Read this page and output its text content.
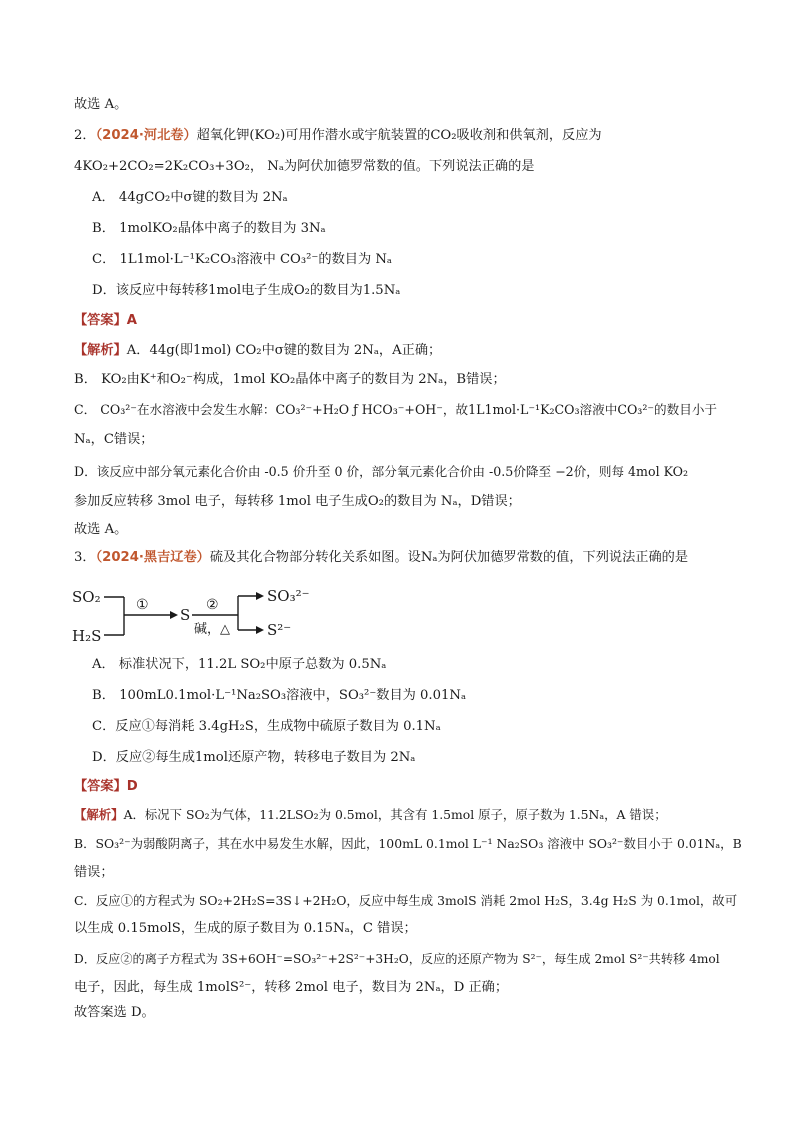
故选 A。
2．（2024·河北卷）超氧化钾(KO₂)可用作潜水或宇航装置的CO₂吸收剂和供氧剂，反应为
4KO₂+2CO₂=2K₂CO₃+3O₂， Nₐ为阿伏加德罗常数的值。下列说法正确的是
A． 44gCO₂中σ键的数目为 2Nₐ
B． 1molKO₂晶体中离子的数目为 3Nₐ
C． 1L1mol·L⁻¹K₂CO₃溶液中 CO₃²⁻的数目为 Nₐ
D．该反应中每转移1mol电子生成O₂的数目为1.5Nₐ
【答案】A
【解析】A．44g(即1mol) CO₂中σ键的数目为 2Nₐ，A正确；
B． KO₂由K⁺和O₂⁻构成，1mol KO₂晶体中离子的数目为 2Nₐ，B错误；
C． CO₃²⁻在水溶液中会发生水解：CO₃²⁻+H₂O ƒ HCO₃⁻+OH⁻，故1L1mol·L⁻¹K₂CO₃溶液中CO₃²⁻的数目小于
Nₐ，C错误；
D．该反应中部分氧元素化合价由 -0.5 价升至 0 价，部分氧元素化合价由 -0.5价降至 −2价，则每 4mol KO₂
参加反应转移 3mol 电子，每转移 1mol 电子生成O₂的数目为 Nₐ，D错误；
故选 A。
3．（2024·黑吉辽卷）硫及其化合物部分转化关系如图。设Nₐ为阿伏加德罗常数的值，下列说法正确的是
SO₂
H₂S
①
S
②
碱，△
SO₃²⁻
S²⁻
A． 标准状况下，11.2L SO₂中原子总数为 0.5Nₐ
B． 100mL0.1mol·L⁻¹Na₂SO₃溶液中，SO₃²⁻数目为 0.01Nₐ
C．反应①每消耗 3.4gH₂S，生成物中硫原子数目为 0.1Nₐ
D．反应②每生成1mol还原产物，转移电子数目为 2Nₐ
【答案】D
【解析】A．标况下 SO₂为气体，11.2LSO₂为 0.5mol，其含有 1.5mol 原子，原子数为 1.5Nₐ，A 错误；
B．SO₃²⁻为弱酸阴离子，其在水中易发生水解，因此，100mL 0.1mol L⁻¹ Na₂SO₃ 溶液中 SO₃²⁻数目小于 0.01Nₐ，B
错误；
C．反应①的方程式为 SO₂+2H₂S=3S↓+2H₂O，反应中每生成 3molS 消耗 2mol H₂S，3.4g H₂S 为 0.1mol，故可
以生成 0.15molS，生成的原子数目为 0.15Nₐ，C 错误；
D．反应②的离子方程式为 3S+6OH⁻=SO₃²⁻+2S²⁻+3H₂O，反应的还原产物为 S²⁻，每生成 2mol S²⁻共转移 4mol
电子，因此，每生成 1molS²⁻，转移 2mol 电子，数目为 2Nₐ，D 正确；
故答案选 D。
